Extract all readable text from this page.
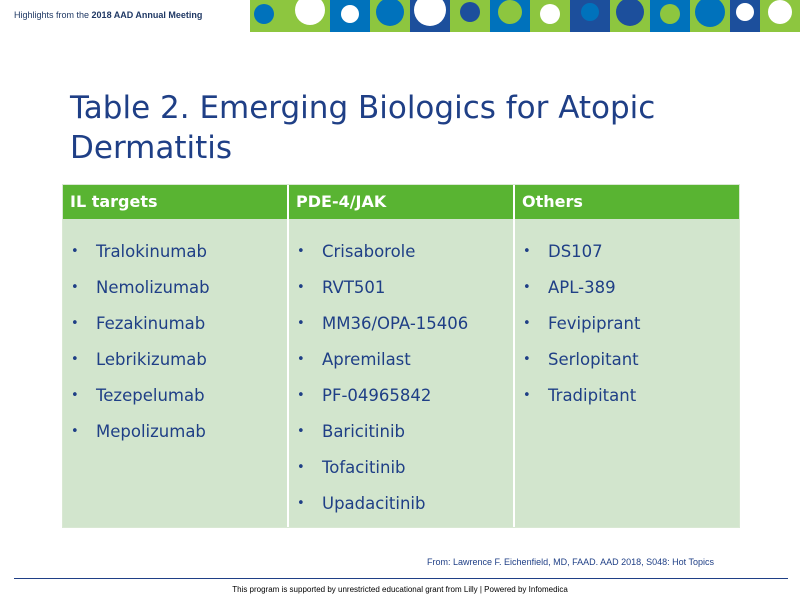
Highlights from the 2018 AAD Annual Meeting
Table 2. Emerging Biologics for Atopic Dermatitis
IL targets
•	Tralokinumab
•	Nemolizumab
•	Fezakinumab
•	Lebrikizumab
•	Tezepelumab
•	Mepolizumab
PDE-4/JAK
•	Crisaborole
•	RVT501
•	MM36/OPA-15406
•	Apremilast
•	PF-04965842
•	Baricitinib
•	Tofacitinib
•	Upadacitinib
Others
•	DS107
•	APL-389
•	Fevipiprant
•	Serlopitant
•	Tradipitant
From: Lawrence F. Eichenfield, MD, FAAD. AAD 2018, S048: Hot Topics
This program is supported by unrestricted educational grant from Lilly | Powered by Infomedica
